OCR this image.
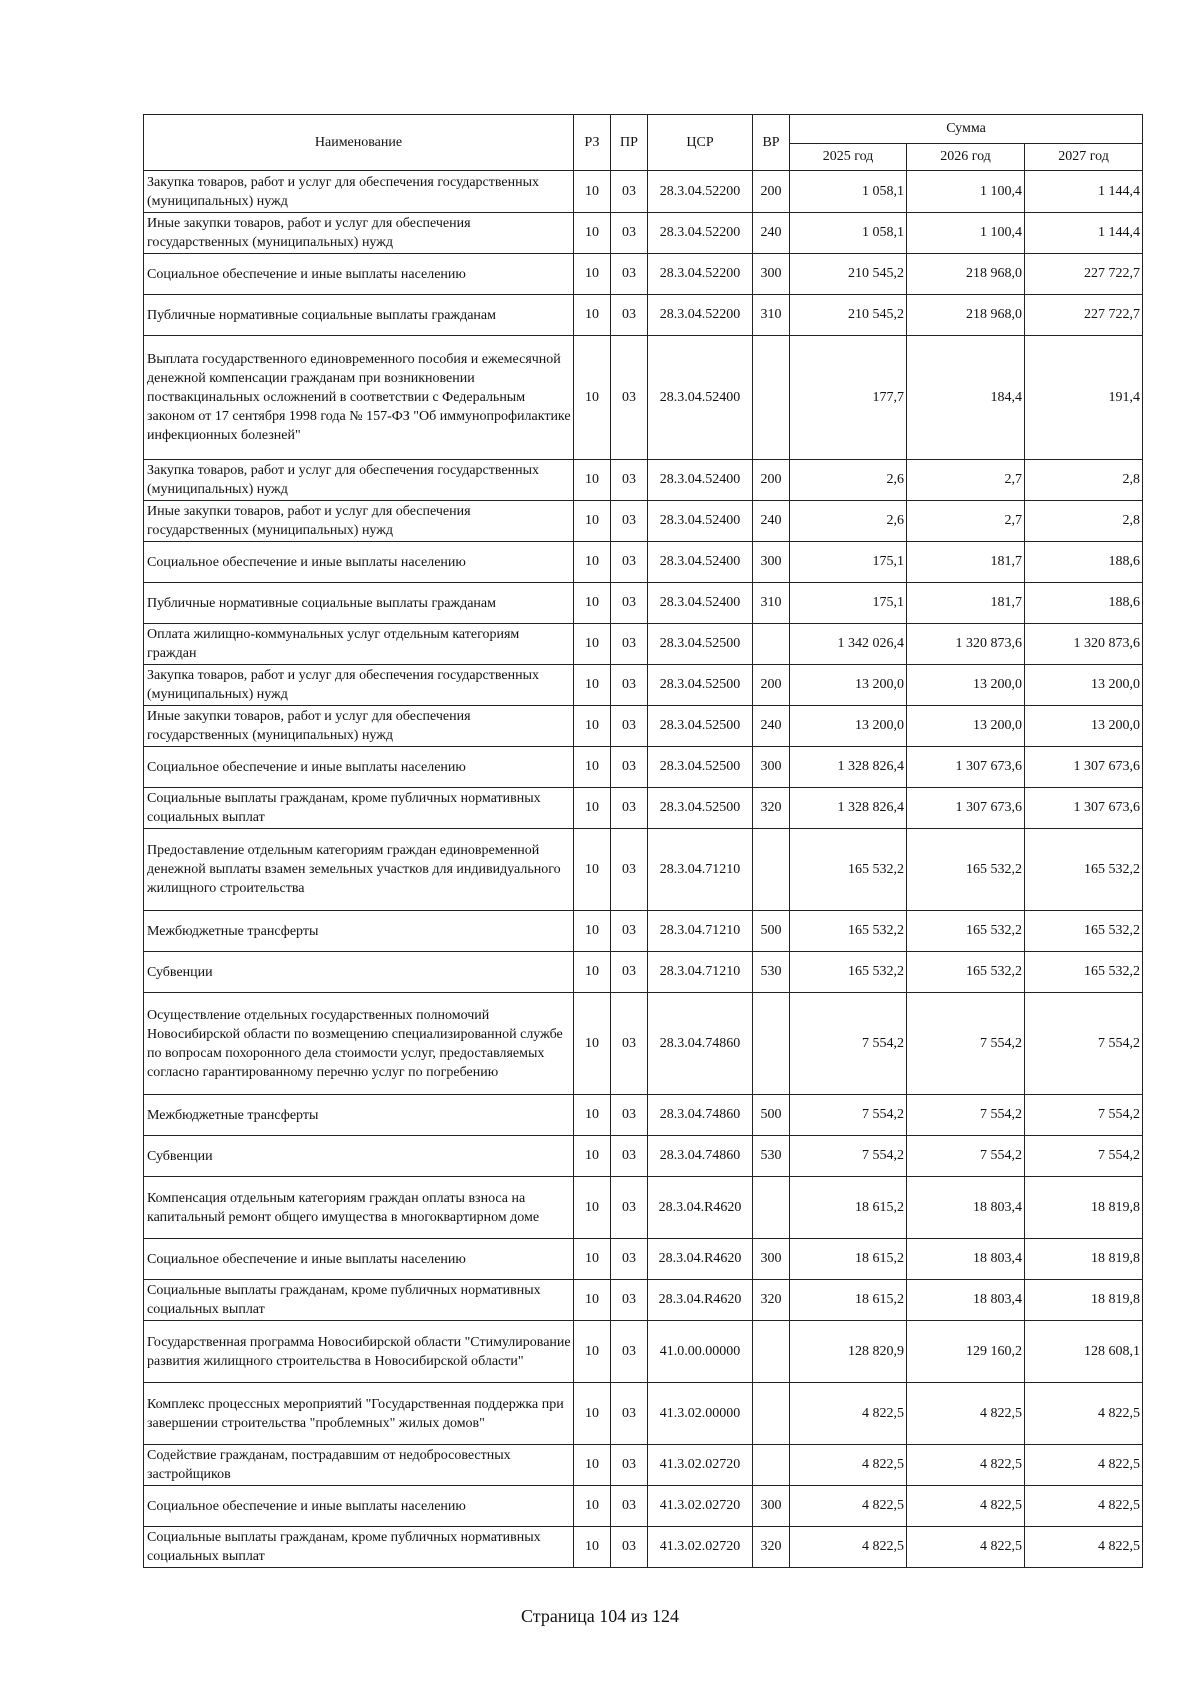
Наименование	РЗ	ПР	ЦСР	ВР	Сумма		
					2025 год	2026 год	2027 год
Закупка товаров, работ и услуг для обеспечения государственных (муниципальных) нужд	10	03	28.3.04.52200	200	1 058,1	1 100,4	1 144,4
Иные закупки товаров, работ и услуг для обеспечения государственных (муниципальных) нужд	10	03	28.3.04.52200	240	1 058,1	1 100,4	1 144,4
Социальное обеспечение и иные выплаты населению	10	03	28.3.04.52200	300	210 545,2	218 968,0	227 722,7
Публичные нормативные социальные выплаты гражданам	10	03	28.3.04.52200	310	210 545,2	218 968,0	227 722,7
Выплата государственного единовременного пособия и ежемесячной денежной компенсации гражданам при возникновении поствакцинальных осложнений в соответствии с Федеральным законом от 17 сентября 1998 года № 157-ФЗ "Об иммунопрофилактике инфекционных болезней"	10	03	28.3.04.52400		177,7	184,4	191,4
Закупка товаров, работ и услуг для обеспечения государственных (муниципальных) нужд	10	03	28.3.04.52400	200	2,6	2,7	2,8
Иные закупки товаров, работ и услуг для обеспечения государственных (муниципальных) нужд	10	03	28.3.04.52400	240	2,6	2,7	2,8
Социальное обеспечение и иные выплаты населению	10	03	28.3.04.52400	300	175,1	181,7	188,6
Публичные нормативные социальные выплаты гражданам	10	03	28.3.04.52400	310	175,1	181,7	188,6
Оплата жилищно-коммунальных услуг отдельным категориям граждан	10	03	28.3.04.52500		1 342 026,4	1 320 873,6	1 320 873,6
Закупка товаров, работ и услуг для обеспечения государственных (муниципальных) нужд	10	03	28.3.04.52500	200	13 200,0	13 200,0	13 200,0
Иные закупки товаров, работ и услуг для обеспечения государственных (муниципальных) нужд	10	03	28.3.04.52500	240	13 200,0	13 200,0	13 200,0
Социальное обеспечение и иные выплаты населению	10	03	28.3.04.52500	300	1 328 826,4	1 307 673,6	1 307 673,6
Социальные выплаты гражданам, кроме публичных нормативных социальных выплат	10	03	28.3.04.52500	320	1 328 826,4	1 307 673,6	1 307 673,6
Предоставление отдельным категориям граждан единовременной денежной выплаты взамен земельных участков для индивидуального жилищного строительства	10	03	28.3.04.71210		165 532,2	165 532,2	165 532,2
Межбюджетные трансферты	10	03	28.3.04.71210	500	165 532,2	165 532,2	165 532,2
Субвенции	10	03	28.3.04.71210	530	165 532,2	165 532,2	165 532,2
Осуществление отдельных государственных полномочий Новосибирской области по возмещению специализированной службе по вопросам похоронного дела стоимости услуг, предоставляемых согласно гарантированному перечню услуг по погребению	10	03	28.3.04.74860		7 554,2	7 554,2	7 554,2
Межбюджетные трансферты	10	03	28.3.04.74860	500	7 554,2	7 554,2	7 554,2
Субвенции	10	03	28.3.04.74860	530	7 554,2	7 554,2	7 554,2
Компенсация отдельным категориям граждан оплаты взноса на капитальный ремонт общего имущества в многоквартирном доме	10	03	28.3.04.R4620		18 615,2	18 803,4	18 819,8
Социальное обеспечение и иные выплаты населению	10	03	28.3.04.R4620	300	18 615,2	18 803,4	18 819,8
Социальные выплаты гражданам, кроме публичных нормативных социальных выплат	10	03	28.3.04.R4620	320	18 615,2	18 803,4	18 819,8
Государственная программа Новосибирской области "Стимулирование развития жилищного строительства в Новосибирской области"	10	03	41.0.00.00000		128 820,9	129 160,2	128 608,1
Комплекс процессных мероприятий "Государственная поддержка при завершении строительства "проблемных" жилых домов"	10	03	41.3.02.00000		4 822,5	4 822,5	4 822,5
Содействие гражданам, пострадавшим от недобросовестных застройщиков	10	03	41.3.02.02720		4 822,5	4 822,5	4 822,5
Социальное обеспечение и иные выплаты населению	10	03	41.3.02.02720	300	4 822,5	4 822,5	4 822,5
Социальные выплаты гражданам, кроме публичных нормативных социальных выплат	10	03	41.3.02.02720	320	4 822,5	4 822,5	4 822,5
Страница 104 из 124
